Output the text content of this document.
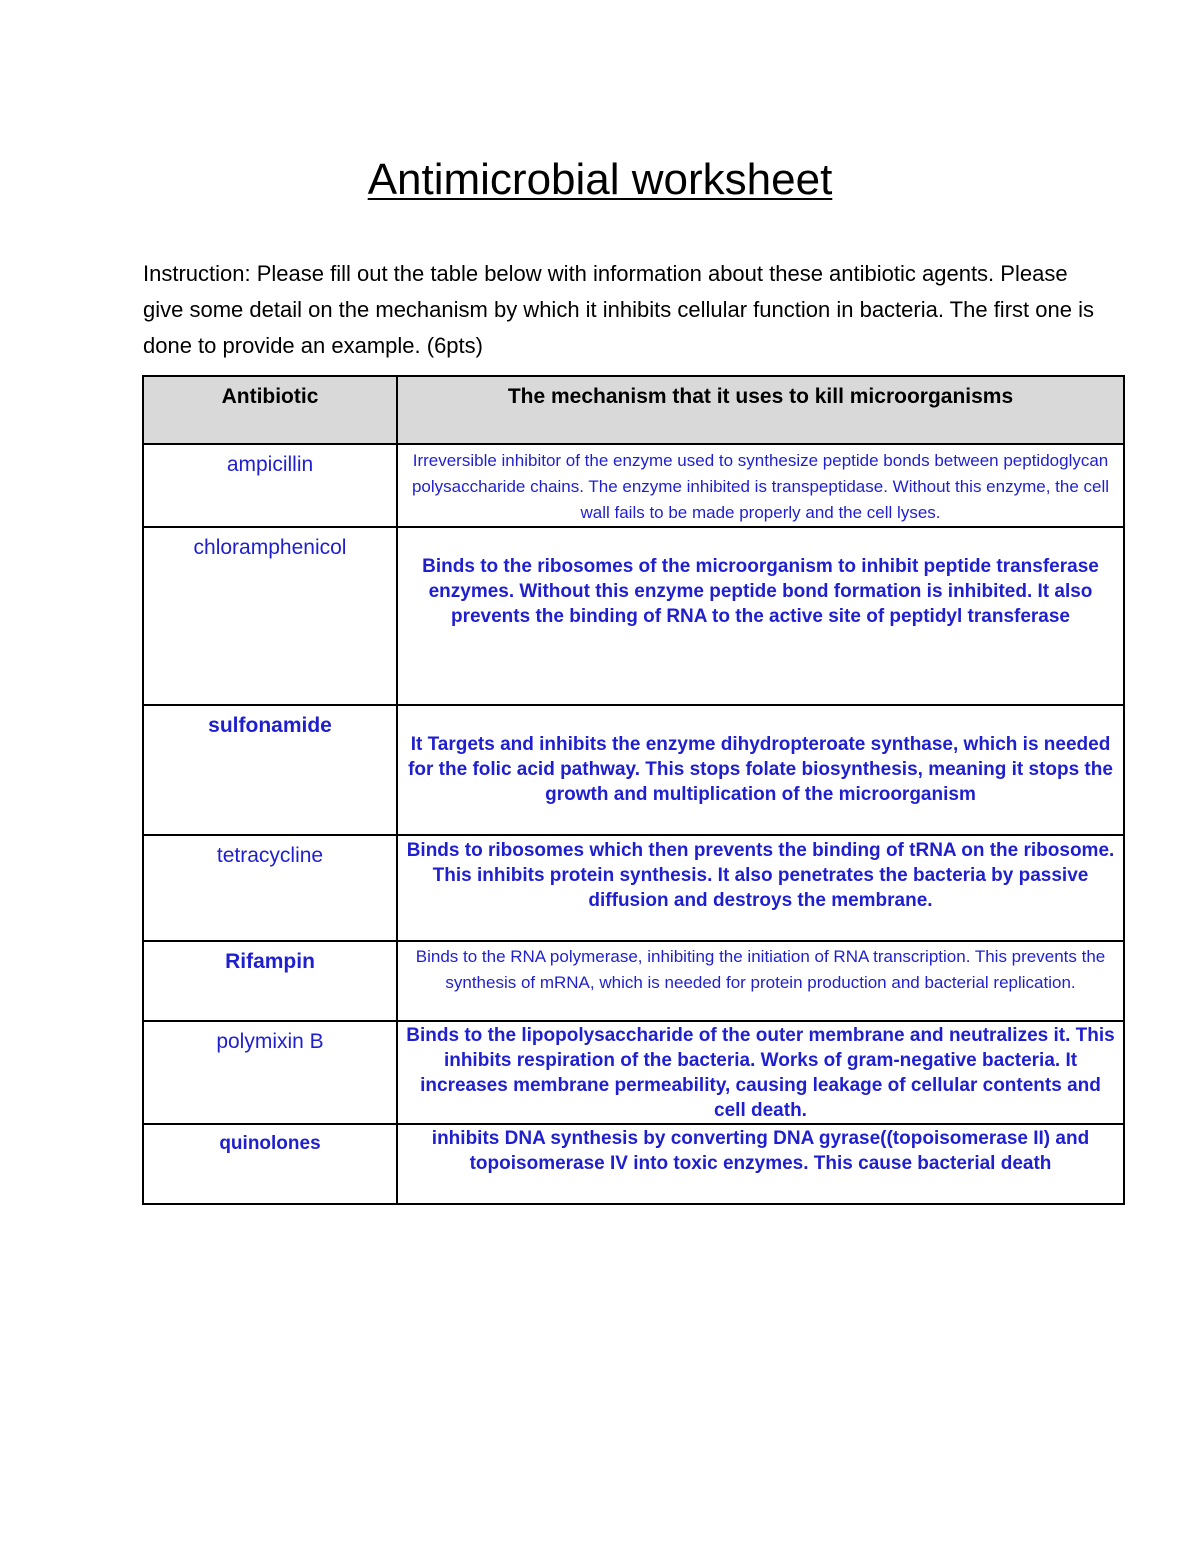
Antimicrobial worksheet
Instruction: Please fill out the table below with information about these antibiotic agents. Please give some detail on the mechanism by which it inhibits cellular function in bacteria. The first one is done to provide an example. (6pts)
Antibiotic	The mechanism that it uses to kill microorganisms
ampicillin	Irreversible inhibitor of the enzyme used to synthesize peptide bonds between peptidoglycan polysaccharide chains. The enzyme inhibited is transpeptidase. Without this enzyme, the cell wall fails to be made properly and the cell lyses.
chloramphenicol	Binds to the ribosomes of the microorganism to inhibit peptide transferase enzymes. Without this enzyme peptide bond formation is inhibited. It also prevents the binding of RNA to the active site of peptidyl transferase
sulfonamide	It Targets and inhibits the enzyme dihydropteroate synthase, which is needed for the folic acid pathway. This stops folate biosynthesis, meaning it stops the growth and multiplication of the microorganism
tetracycline	Binds to ribosomes which then prevents the binding of tRNA on the ribosome. This inhibits protein synthesis. It also penetrates the bacteria by passive diffusion and destroys the membrane.
Rifampin	Binds to the RNA polymerase, inhibiting the initiation of RNA transcription. This prevents the synthesis of mRNA, which is needed for protein production and bacterial replication.
polymixin B	Binds to the lipopolysaccharide of the outer membrane and neutralizes it. This inhibits respiration of the bacteria. Works of gram-negative bacteria. It increases membrane permeability, causing leakage of cellular contents and cell death.
quinolones	inhibits DNA synthesis by converting DNA gyrase((topoisomerase II) and topoisomerase IV into toxic enzymes. This cause bacterial death
